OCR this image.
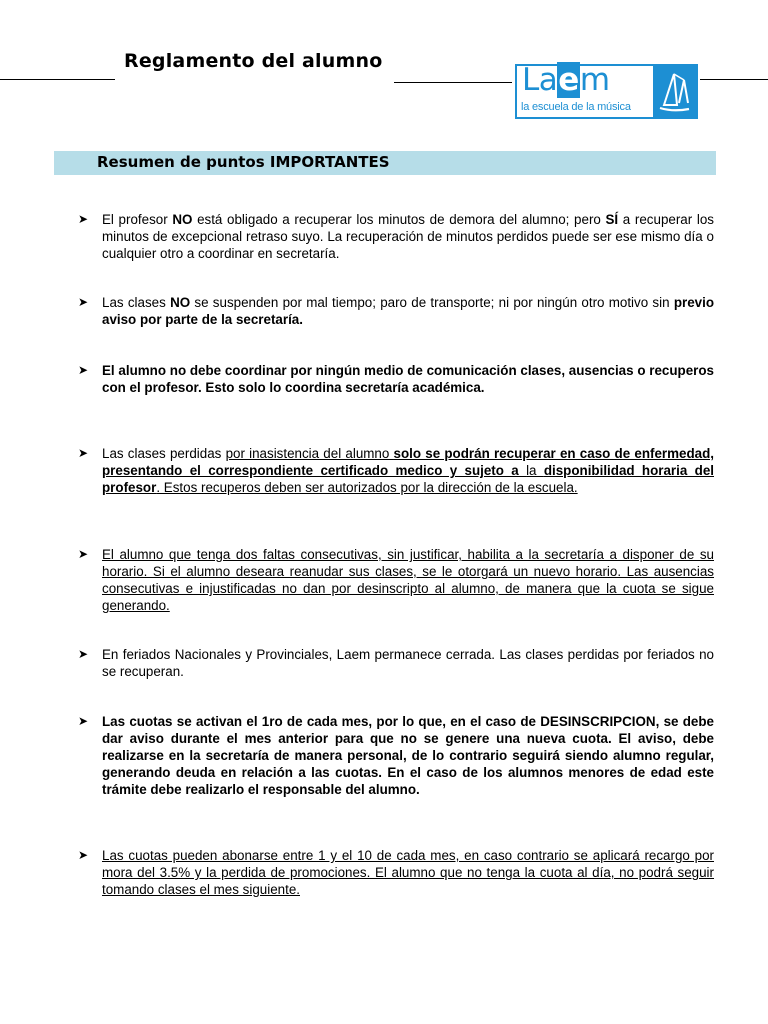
Reglamento del alumno
Laem
la escuela de la música
Resumen de puntos IMPORTANTES
➤ El profesor NO está obligado a recuperar los minutos de demora del alumno; pero SÍ a recuperar los minutos de excepcional retraso suyo. La recuperación de minutos perdidos puede ser ese mismo día o cualquier otro a coordinar en secretaría.
➤ Las clases NO se suspenden por mal tiempo; paro de transporte; ni por ningún otro motivo sin previo aviso por parte de la secretaría.
➤ El alumno no debe coordinar por ningún medio de comunicación clases, ausencias o recuperos con el profesor. Esto solo lo coordina secretaría académica.
➤ Las clases perdidas por inasistencia del alumno solo se podrán recuperar en caso de enfermedad, presentando el correspondiente certificado medico y sujeto a la disponibilidad horaria del profesor. Estos recuperos deben ser autorizados por la dirección de la escuela.
➤ El alumno que tenga dos faltas consecutivas, sin justificar, habilita a la secretaría a disponer de su horario. Si el alumno deseara reanudar sus clases, se le otorgará un nuevo horario. Las ausencias consecutivas e injustificadas no dan por desinscripto al alumno, de manera que la cuota se sigue generando.
➤ En feriados Nacionales y Provinciales, Laem permanece cerrada. Las clases perdidas por feriados no se recuperan.
➤ Las cuotas se activan el 1ro de cada mes, por lo que, en el caso de DESINSCRIPCION, se debe dar aviso durante el mes anterior para que no se genere una nueva cuota. El aviso, debe realizarse en la secretaría de manera personal, de lo contrario seguirá siendo alumno regular, generando deuda en relación a las cuotas. En el caso de los alumnos menores de edad este trámite debe realizarlo el responsable del alumno.
➤ Las cuotas pueden abonarse entre 1 y el 10 de cada mes, en caso contrario se aplicará recargo por mora del 3.5% y la perdida de promociones. El alumno que no tenga la cuota al día, no podrá seguir tomando clases el mes siguiente.
